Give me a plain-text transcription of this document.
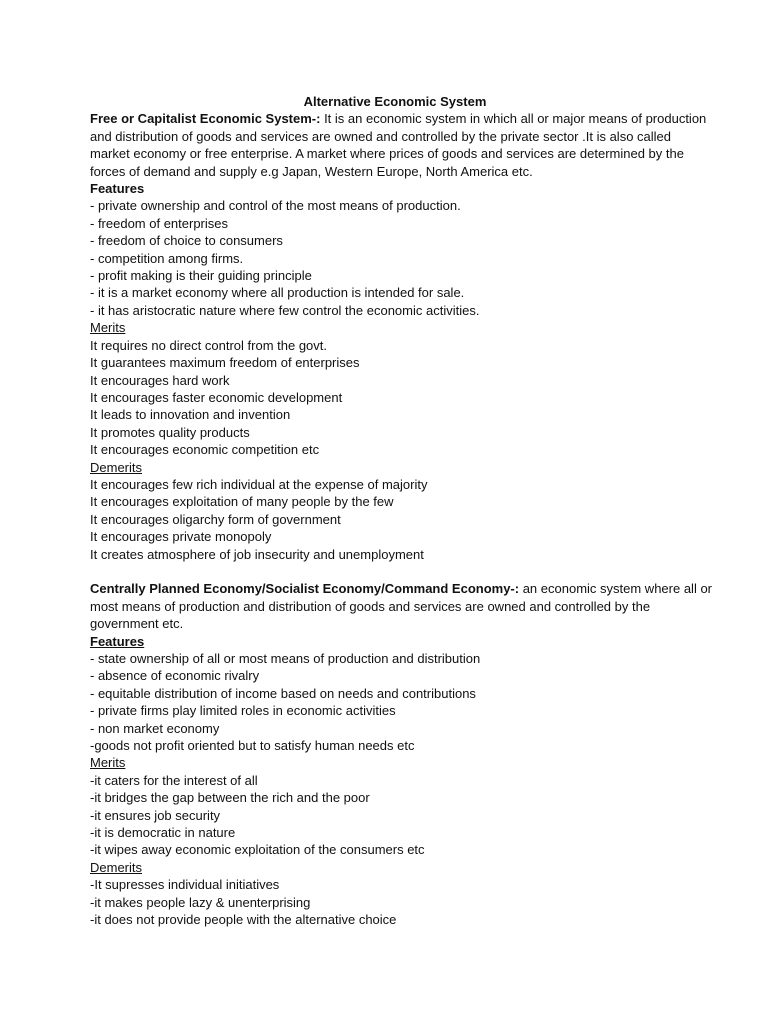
Alternative Economic System
Free or Capitalist Economic System-: It is an economic system in which all or major means of production
and distribution of goods and services are owned and controlled by the private sector .It is also called
market economy or free enterprise. A market where prices of goods and services are determined by the
forces of demand and supply e.g Japan, Western Europe, North America etc.
Features
- private ownership and control of the most means of production.
- freedom of enterprises
- freedom of choice to consumers
- competition among firms.
- profit making is their guiding principle
- it is a market economy where all production is intended for sale.
- it has aristocratic nature where few control the economic activities.
Merits
It requires no direct control from the govt.
It guarantees maximum freedom of enterprises
It encourages hard work
It encourages faster economic development
It leads to innovation and invention
It promotes quality products
It encourages economic competition etc
Demerits
It encourages few rich individual at the expense of majority
It encourages exploitation of many people by the few
It encourages oligarchy form of government
It encourages private monopoly
It creates atmosphere of job insecurity and unemployment
Centrally Planned Economy/Socialist Economy/Command Economy-: an economic system where all or
most means of production and distribution of goods and services are owned and controlled by the
government etc.
Features
- state ownership of all or most means of production and distribution
- absence of economic rivalry
- equitable distribution of income based on needs and contributions
- private firms play limited roles in economic activities
- non market economy
-goods not profit oriented but to satisfy human needs etc
Merits
-it caters for the interest of all
-it bridges the gap between the rich and the poor
-it ensures job security
-it is democratic in nature
-it wipes away economic exploitation of the consumers etc
Demerits
-It supresses individual initiatives
-it makes people lazy & unenterprising
-it does not provide people with the alternative choice
